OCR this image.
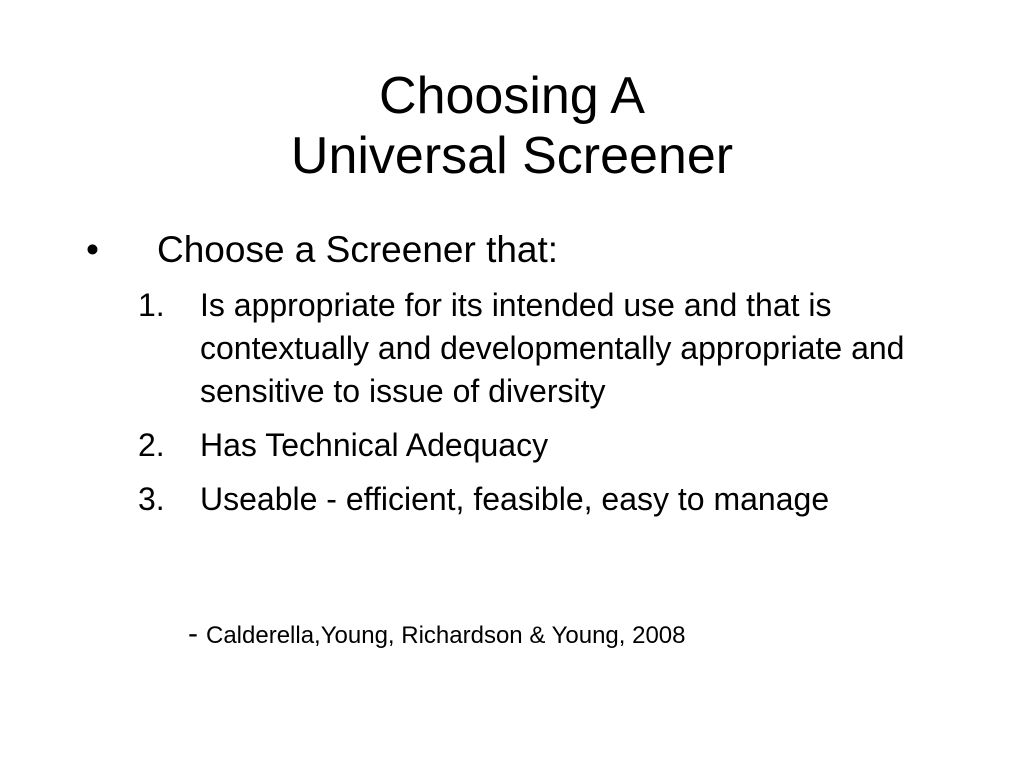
Choosing A
Universal Screener
• Choose a Screener that:
1. Is appropriate for its intended use and that is contextually and developmentally appropriate and sensitive to issue of diversity
2. Has Technical Adequacy
3. Useable - efficient, feasible, easy to manage
- Calderella,Young, Richardson & Young, 2008
